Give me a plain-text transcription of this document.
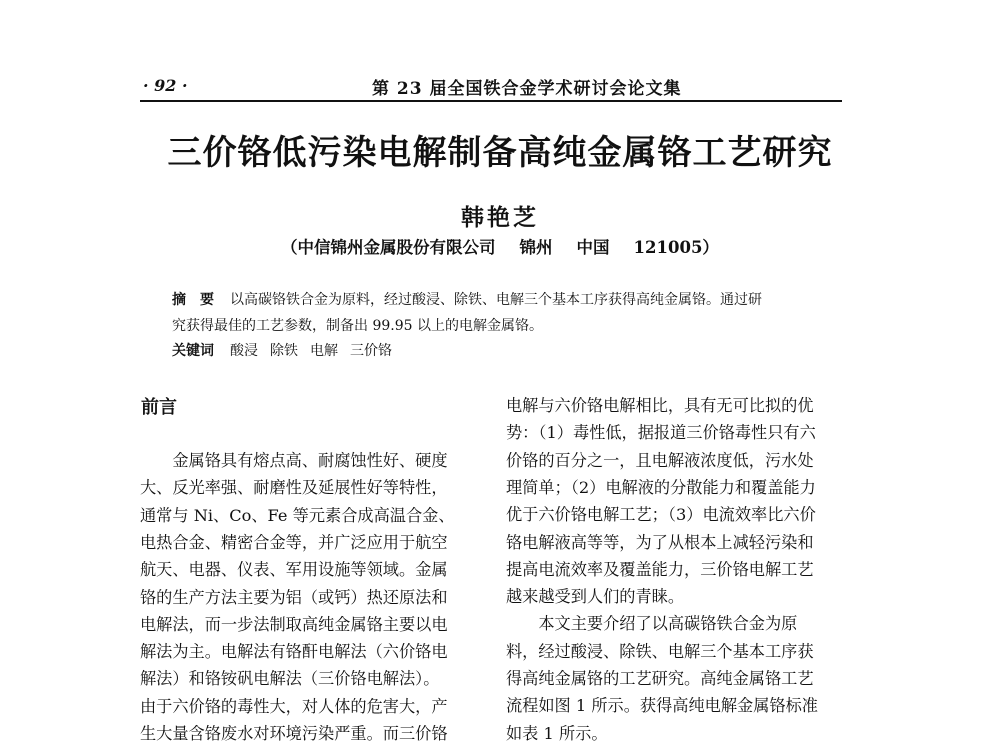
· 92 ·	第 23 届全国铁合金学术研讨会论文集
三价铬低污染电解制备高纯金属铬工艺研究
韩艳芝
（中信锦州金属股份有限公司 锦州 中国 121005）
摘　要 以高碳铬铁合金为原料，经过酸浸、除铁、电解三个基本工序获得高纯金属铬。通过研
究获得最佳的工艺参数，制备出 99.95 以上的电解金属铬。
关键词 酸浸 除铁 电解 三价铬
前言
　　金属铬具有熔点高、耐腐蚀性好、硬度
大、反光率强、耐磨性及延展性好等特性，
通常与 Ni、Co、Fe 等元素合成高温合金、
电热合金、精密合金等，并广泛应用于航空
航天、电器、仪表、军用设施等领域。金属
铬的生产方法主要为铝（或钙）热还原法和
电解法，而一步法制取高纯金属铬主要以电
解法为主。电解法有铬酐电解法（六价铬电
解法）和铬铵矾电解法（三价铬电解法）。
由于六价铬的毒性大，对人体的危害大，产
生大量含铬废水对环境污染严重。而三价铬
电解与六价铬电解相比，具有无可比拟的优
势：（1）毒性低，据报道三价铬毒性只有六
价铬的百分之一，且电解液浓度低，污水处
理简单；（2）电解液的分散能力和覆盖能力
优于六价铬电解工艺；（3）电流效率比六价
铬电解液高等等，为了从根本上减轻污染和
提高电流效率及覆盖能力，三价铬电解工艺
越来越受到人们的青睐。
　　本文主要介绍了以高碳铬铁合金为原
料，经过酸浸、除铁、电解三个基本工序获
得高纯金属铬的工艺研究。高纯金属铬工艺
流程如图 1 所示。获得高纯电解金属铬标准
如表 1 所示。
